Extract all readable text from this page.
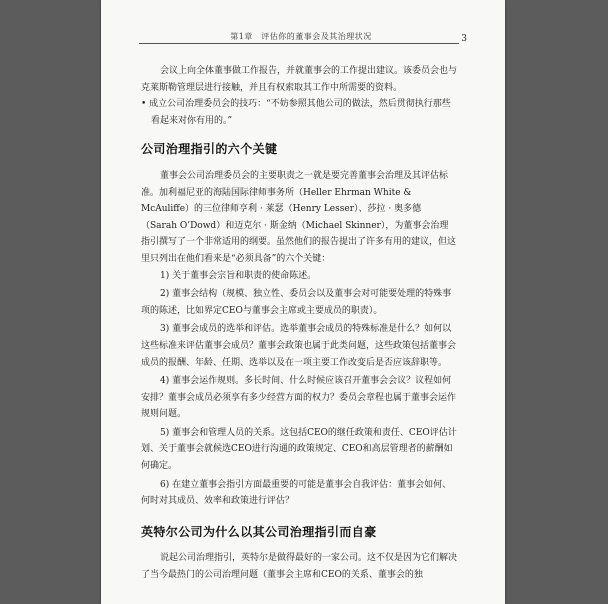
第1章　评估你的董事会及其治理状况	3

会议上向全体董事做工作报告，并就董事会的工作提出建议。该委员会也与克莱斯勒管理层进行接触，并且有权索取其工作中所需要的资料。

• 成立公司治理委员会的技巧：“不妨参照其他公司的做法，然后贯彻执行那些看起来对你有用的。”

公司治理指引的六个关键

董事会公司治理委员会的主要职责之一就是要完善董事会治理及其评估标准。加利福尼亚的海陆国际律师事务所（Heller Ehrman White & McAuliffe）的三位律师亨利 · 莱瑟（Henry Lesser）、莎拉 · 奥多德（Sarah O’Dowd）和迈克尔 · 斯金纳（Michael Skinner），为董事会治理指引撰写了一个非常适用的纲要。虽然他们的报告提出了许多有用的建议，但这里只列出在他们看来是“必须具备”的六个关键：

1) 关于董事会宗旨和职责的使命陈述。

2) 董事会结构（规模、独立性、委员会以及董事会对可能要处理的特殊事项的陈述，比如界定CEO与董事会主席或主要成员的职责）。

3) 董事会成员的选举和评估。选举董事会成员的特殊标准是什么？如何以这些标准来评估董事会成员？董事会政策也属于此类问题，这些政策包括董事会成员的报酬、年龄、任期、选举以及在一项主要工作改变后是否应该辞职等。

4) 董事会运作规则。多长时间、什么时候应该召开董事会会议？议程如何安排？董事会成员必须享有多少经营方面的权力？委员会章程也属于董事会运作规则问题。

5) 董事会和管理人员的关系。这包括CEO的继任政策和责任、CEO评估计划、关于董事会就候选CEO进行沟通的政策规定、CEO和高层管理者的薪酬如何确定。

6) 在建立董事会指引方面最重要的可能是董事会自我评估：董事会如何、何时对其成员、效率和政策进行评估？

英特尔公司为什么以其公司治理指引而自豪

说起公司治理指引，英特尔是做得最好的一家公司。这不仅是因为它们解决了当今最热门的公司治理问题（董事会主席和CEO的关系、董事会的独
